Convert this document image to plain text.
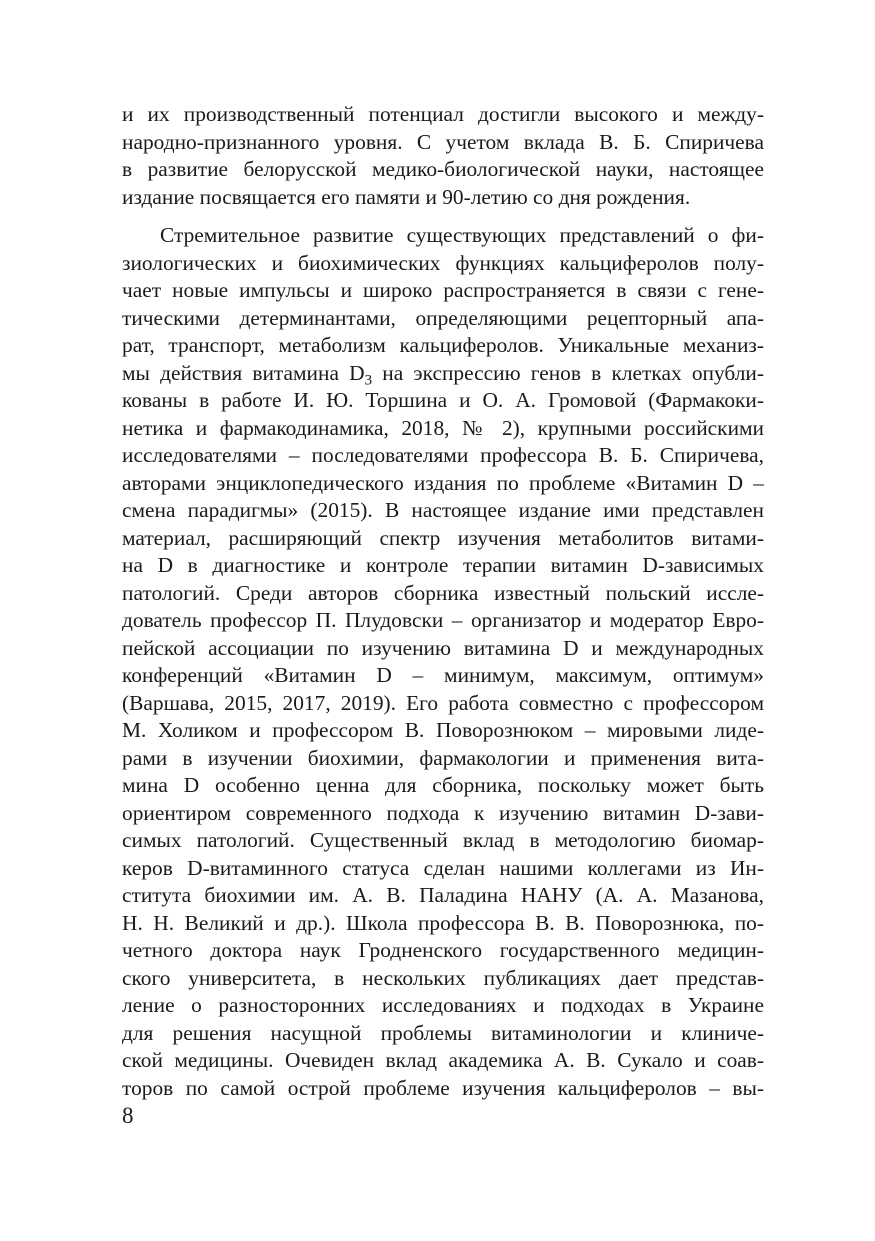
и их производственный потенциал достигли высокого и между-
народно-признанного уровня. С учетом вклада В. Б. Спиричева
в развитие белорусской медико-биологической науки, настоящее
издание посвящается его памяти и 90-летию со дня рождения.
Стремительное развитие существующих представлений о фи-
зиологических и биохимических функциях кальциферолов полу-
чает новые импульсы и широко распространяется в связи с гене-
тическими детерминантами, определяющими рецепторный апа-
рат, транспорт, метаболизм кальциферолов. Уникальные механиз-
мы действия витамина $D_3$ на экспрессию генов в клетках опубли-
кованы в работе И. Ю. Торшина и О. А. Громовой (Фармакоки-
нетика и фармакодинамика, 2018, № 2), крупными российскими
исследователями – последователями профессора В. Б. Спиричева,
авторами энциклопедического издания по проблеме «Витамин D –
смена парадигмы» (2015). В настоящее издание ими представлен
материал, расширяющий спектр изучения метаболитов витами-
на D в диагностике и контроле терапии витамин D-зависимых
патологий. Среди авторов сборника известный польский иссле-
дователь профессор П. Плудовски – организатор и модератор Евро-
пейской ассоциации по изучению витамина D и международных
конференций «Витамин D – минимум, максимум, оптимум»
(Варшава, 2015, 2017, 2019). Его работа совместно с профессором
М. Холиком и профессором В. Поворознюком – мировыми лиде-
рами в изучении биохимии, фармакологии и применения вита-
мина D особенно ценна для сборника, поскольку может быть
ориентиром современного подхода к изучению витамин D-зави-
симых патологий. Существенный вклад в методологию биомар-
керов D-витаминного статуса сделан нашими коллегами из Ин-
ститута биохимии им. А. В. Паладина НАНУ (А. А. Мазанова,
Н. Н. Великий и др.). Школа профессора В. В. Поворознюка, по-
четного доктора наук Гродненского государственного медицин-
ского университета, в нескольких публикациях дает представ-
ление о разносторонних исследованиях и подходах в Украине
для решения насущной проблемы витаминологии и клиниче-
ской медицины. Очевиден вклад академика А. В. Сукало и соав-
торов по самой острой проблеме изучения кальциферолов – вы-
8
